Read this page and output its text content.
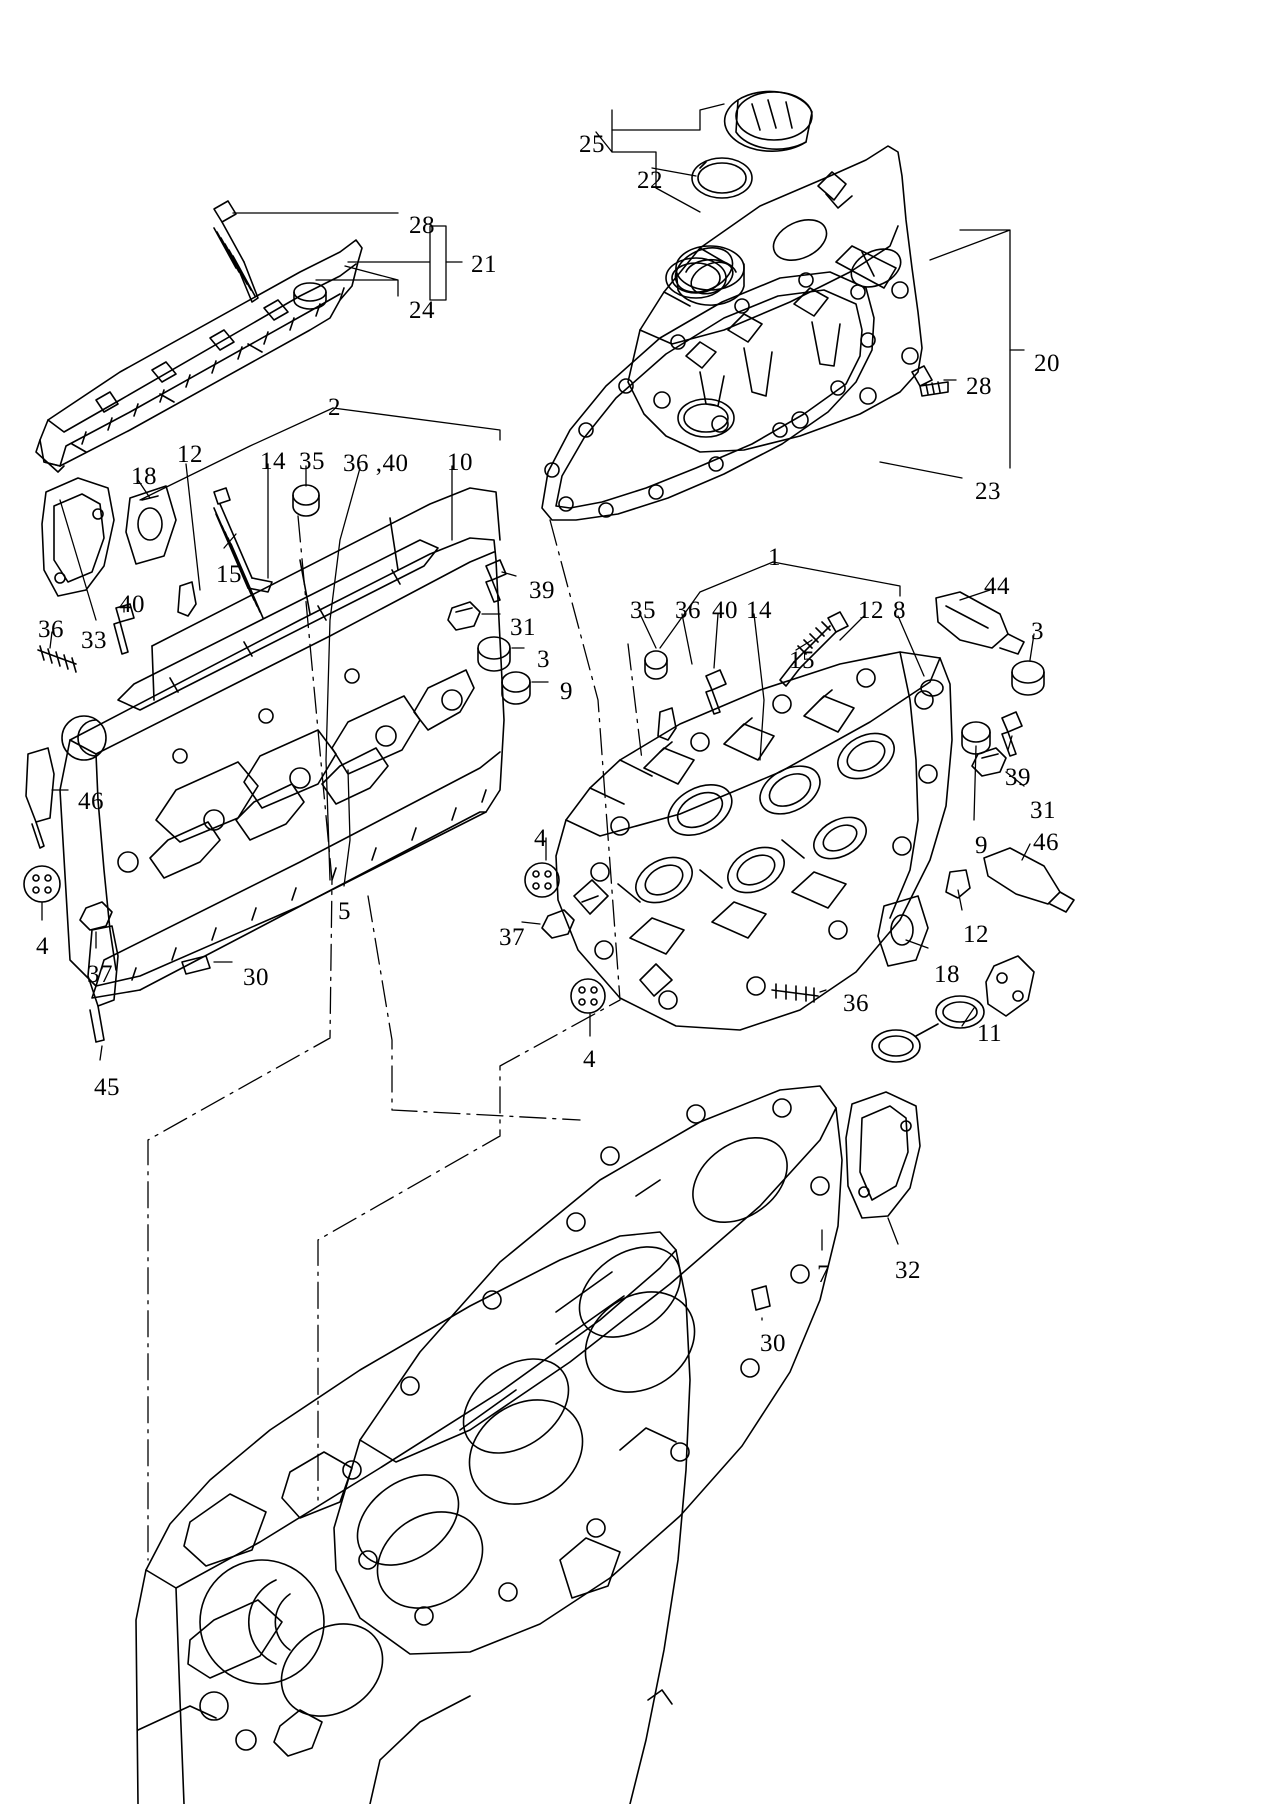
28
21
24
25
22
20
28
23
2
18
12 14 35 36 ,40 10
15
40
33
36
39
31
3
9
46
5
4
37	30
45
1
35 36 40 14	12 8
44
3
15
39
31
9 46
4
37	12
18
11
36
4
32
7
30
